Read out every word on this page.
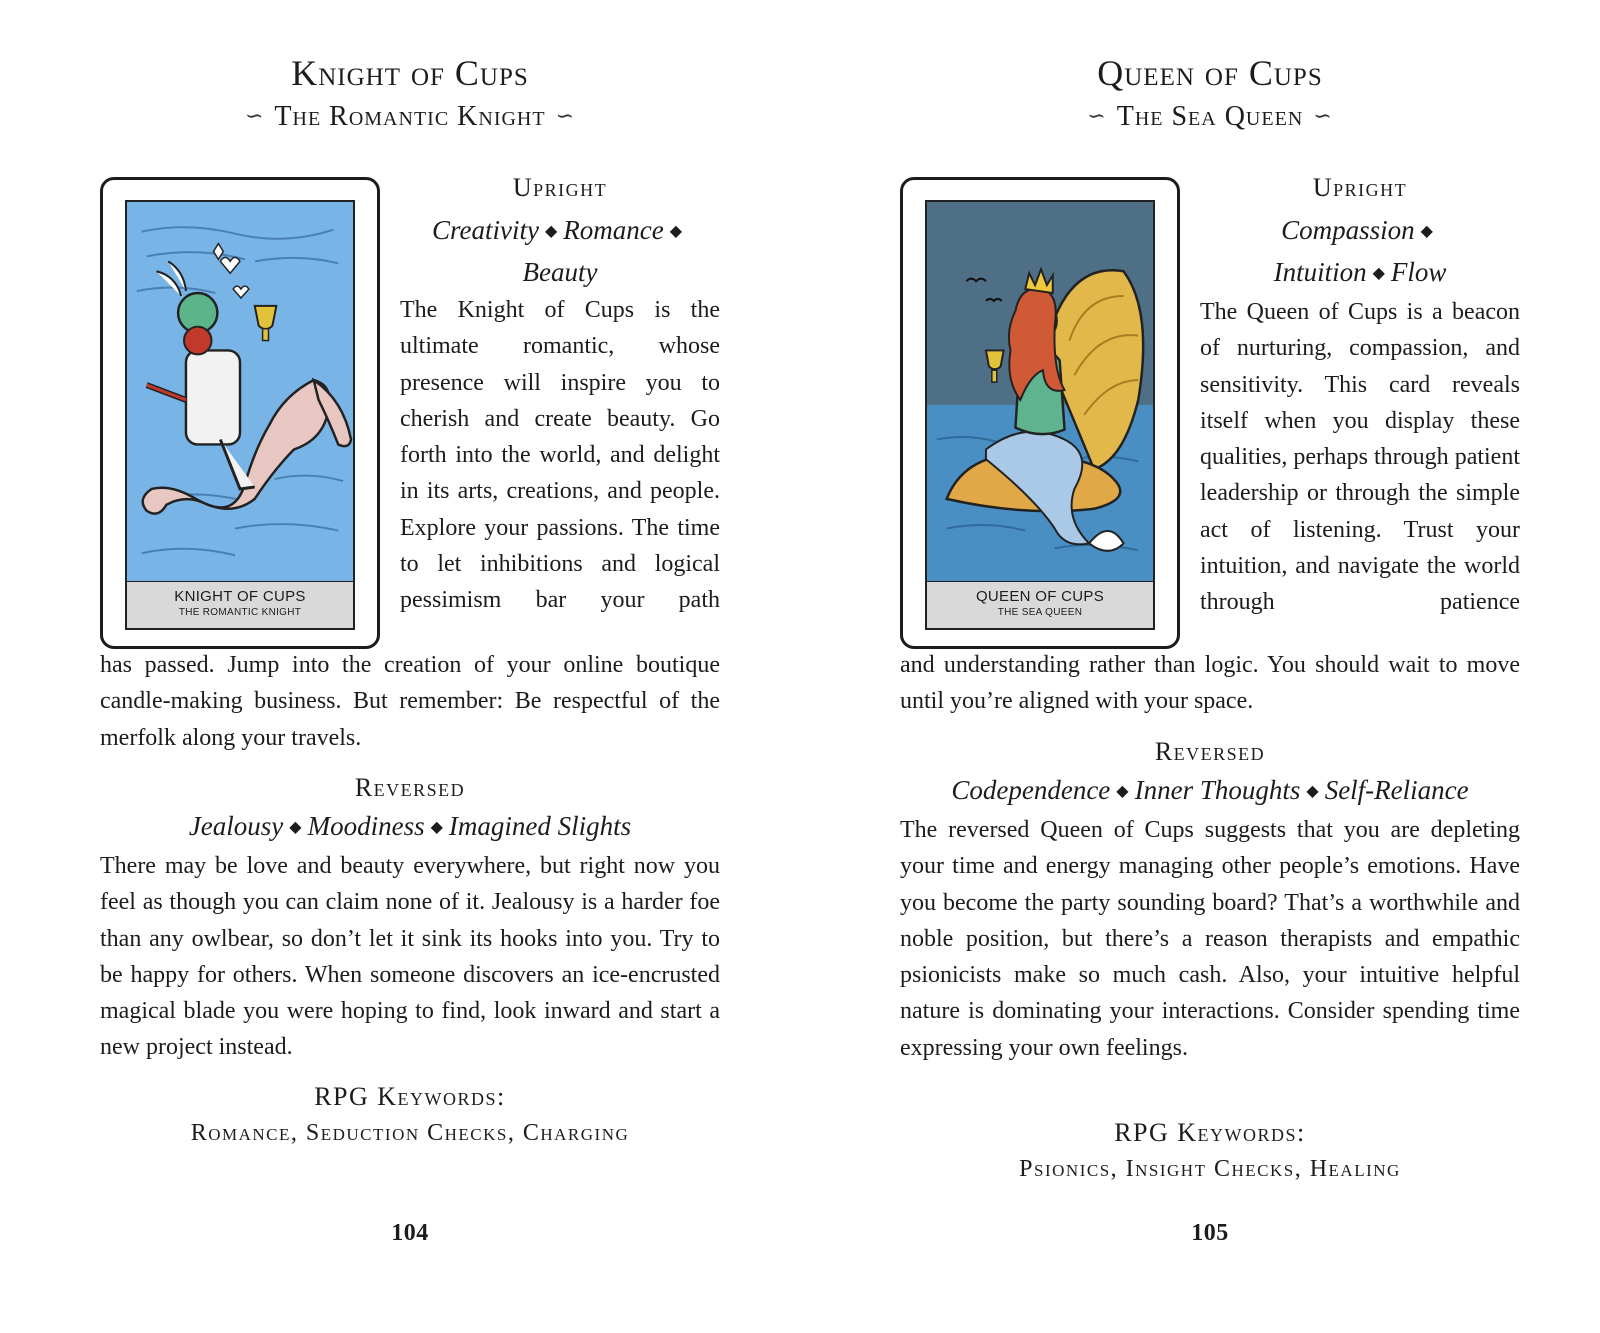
Knight of Cups
∽ The Romantic Knight ∽
KNIGHT OF CUPS
THE ROMANTIC KNIGHT
Upright

Creativity ◆ Romance ◆
Beauty

The Knight of Cups is the ultimate romantic, whose presence will inspire you to cherish and create beauty. Go forth into the world, and delight in its arts, creations, and people. Explore your passions. The time to let inhibitions and logical pessimism bar your path

has passed. Jump into the creation of your online boutique candle-making business. But remember: Be respectful of the merfolk along your travels.

Reversed

Jealousy ◆ Moodiness ◆ Imagined Slights

There may be love and beauty everywhere, but right now you feel as though you can claim none of it. Jealousy is a harder foe than any owlbear, so don’t let it sink its hooks into you. Try to be happy for others. When someone discovers an ice-encrusted magical blade you were hoping to find, look inward and start a new project instead.

RPG Keywords:
Romance, Seduction Checks, Charging
104
Queen of Cups
∽ The Sea Queen ∽
QUEEN OF CUPS
THE SEA QUEEN
Upright

Compassion ◆
Intuition ◆ Flow

The Queen of Cups is a beacon of nurturing, compassion, and sensitivity. This card reveals itself when you display these qualities, perhaps through patient leadership or through the simple act of listening. Trust your intuition, and navigate the world through patience

and understanding rather than logic. You should wait to move until you’re aligned with your space.

Reversed

Codependence ◆ Inner Thoughts ◆ Self-Reliance

The reversed Queen of Cups suggests that you are depleting your time and energy managing other people’s emotions. Have you become the party sounding board? That’s a worthwhile and noble position, but there’s a reason therapists and empathic psionicists make so much cash. Also, your intuitive helpful nature is dominating your interactions. Consider spending time expressing your own feelings.

RPG Keywords:
Psionics, Insight Checks, Healing
105
